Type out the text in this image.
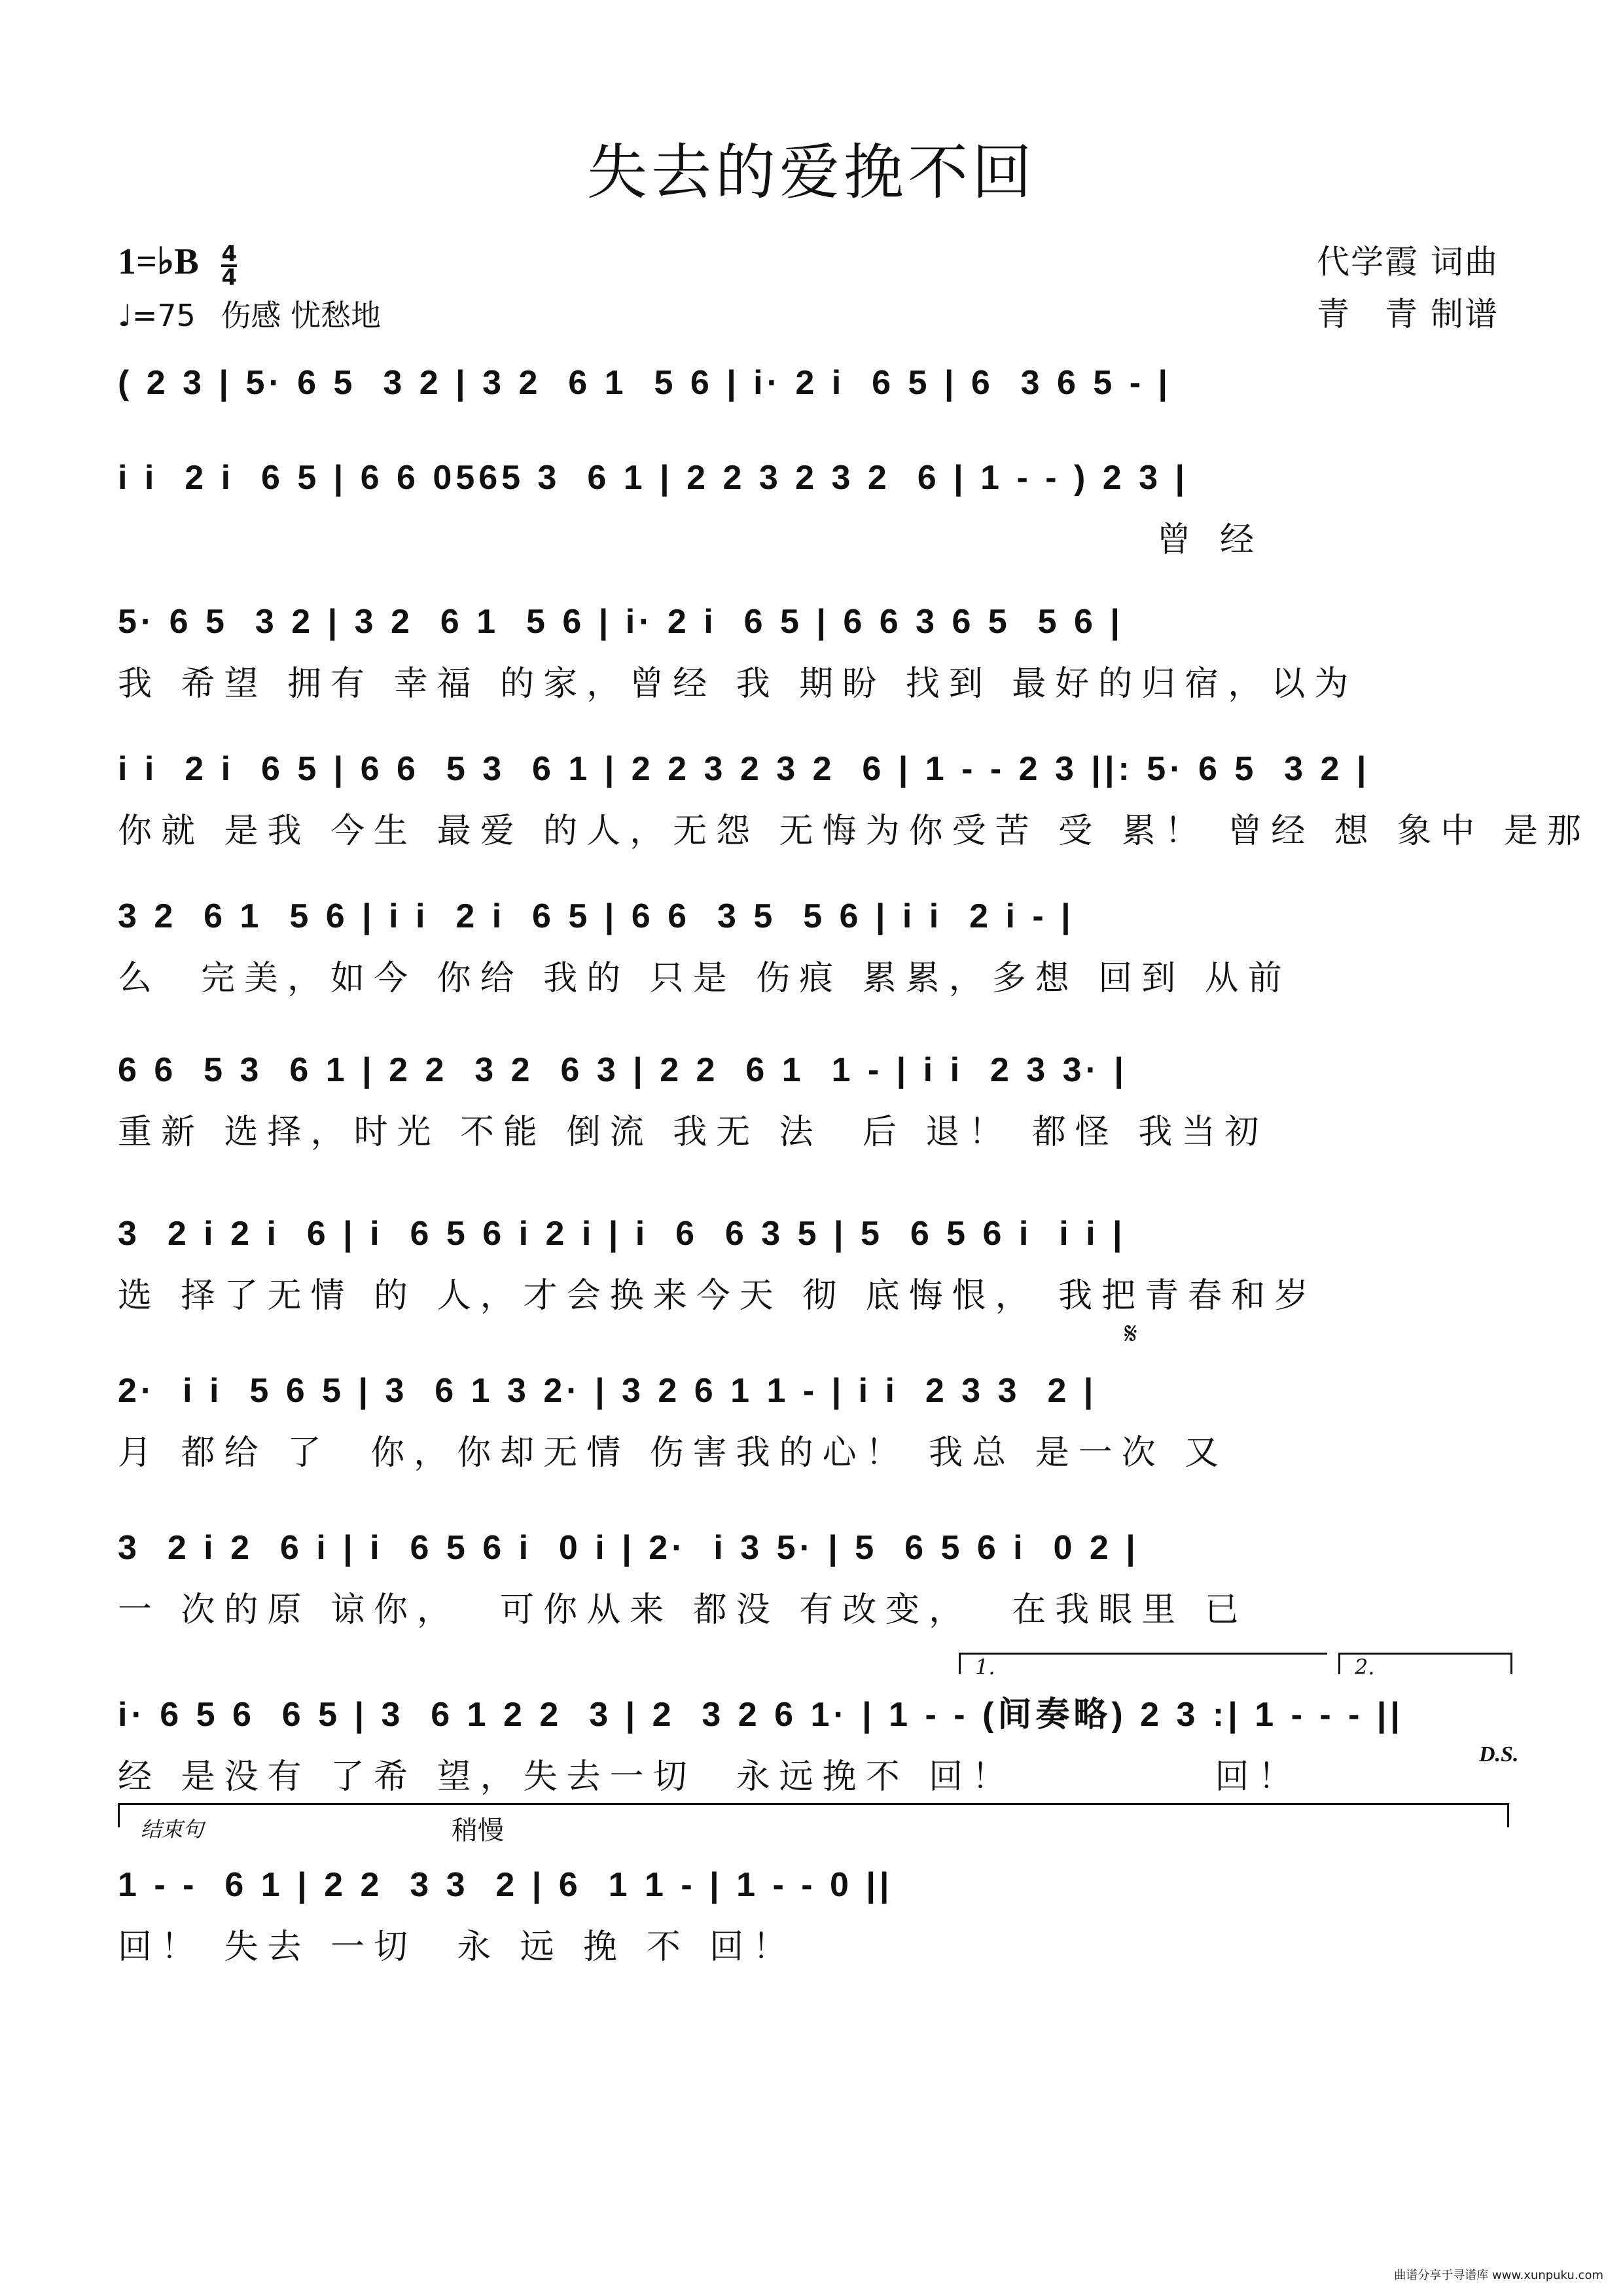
失去的爱挽不回
1=♭B $\frac{4}{4}$
♩=75 伤感 忧愁地
代学霞 词曲
青　青 制谱
( 2 3 | 5· 6 5  3 2 | 3 2  6 1  5 6 | i· 2 i  6 5 | 6  3 6 5 - |
i i  2 i  6 5 | 6 6 0565 3  6 1 | 2 2 3 2 3 2  6 | 1 - - ) 2 3 |
曾 经
5· 6 5  3 2 | 3 2  6 1  5 6 | i· 2 i  6 5 | 6 6 3 6 5  5 6 |
我 希望 拥有 幸福 的家，曾经 我 期盼 找到 最好的归宿，以为
i i  2 i  6 5 | 6 6  5 3  6 1 | 2 2 3 2 3 2  6 | 1 - - 2 3 ||: 5· 6 5  3 2 |
你就 是我 今生 最爱 的人，无怨 无悔为你受苦 受 累！ 曾经 想 象中 是那
3 2  6 1  5 6 | i i  2 i  6 5 | 6 6  3 5  5 6 | i i  2 i - |
么  完美，如今 你给 我的 只是 伤痕 累累，多想 回到 从前
6 6  5 3  6 1 | 2 2  3 2  6 3 | 2 2  6 1  1 - | i i  2 3 3· |
重新 选择，时光 不能 倒流 我无 法  后 退！ 都怪 我当初
3  2 i 2 i  6 | i  6 5 6 i 2 i | i  6  6 3 5 | 5  6 5 6 i  i i |
选 择了无情 的 人，才会换来今天 彻 底悔恨， 我把青春和岁
𝄋
2·  i i  5 6 5 | 3  6 1 3 2· | 3 2 6 1 1 - | i i  2 3 3  2 |
月 都给 了  你，你却无情 伤害我的心！ 我总 是一次 又
3  2 i 2  6 i | i  6 5 6 i  0 i | 2·  i 3 5· | 5  6 5 6 i  0 2 |
一 次的原 谅你，  可你从来 都没 有改变，  在我眼里 已
1.	2.
i· 6 5 6  6 5 | 3  6 1 2 2  3 | 2  3 2 6 1· | 1 - - (间奏略) 2 3 :| 1 - - - ||
经 是没有 了希 望，失去一切  永远挽不 回！          回！
D.S.
结束句	稍慢
1 - -  6 1 | 2 2  3 3  2 | 6  1 1 - | 1 - - 0 ||
回！ 失去 一切  永 远 挽 不 回！
曲谱分享于寻谱库 www.xunpuku.com
